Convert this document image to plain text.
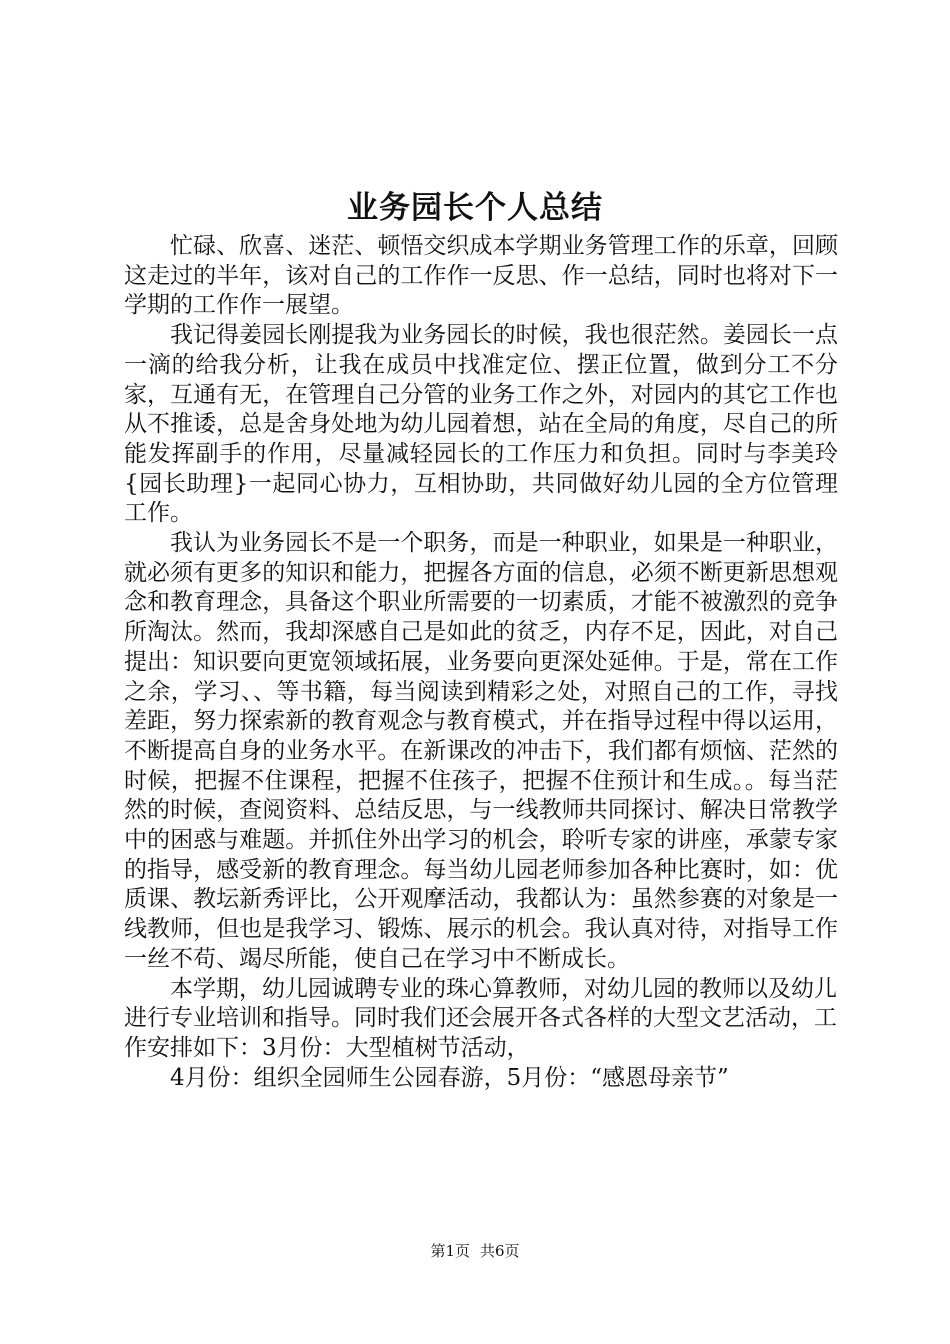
业务园长个人总结

忙碌、欣喜、迷茫、顿悟交织成本学期业务管理工作的乐章，回顾这走过的半年，该对自己的工作作一反思、作一总结，同时也将对下一学期的工作作一展望。

我记得姜园长刚提我为业务园长的时候，我也很茫然。姜园长一点一滴的给我分析，让我在成员中找准定位、摆正位置，做到分工不分家，互通有无，在管理自己分管的业务工作之外，对园内的其它工作也从不推诿，总是舍身处地为幼儿园着想，站在全局的角度，尽自己的所能发挥副手的作用，尽量减轻园长的工作压力和负担。同时与李美玲{园长助理}一起同心协力，互相协助，共同做好幼儿园的全方位管理工作。

我认为业务园长不是一个职务，而是一种职业，如果是一种职业，就必须有更多的知识和能力，把握各方面的信息，必须不断更新思想观念和教育理念，具备这个职业所需要的一切素质，才能不被激烈的竞争所淘汰。然而，我却深感自己是如此的贫乏，内存不足，因此，对自己提出：知识要向更宽领域拓展，业务要向更深处延伸。于是，常在工作之余，学习、、等书籍，每当阅读到精彩之处，对照自己的工作，寻找差距，努力探索新的教育观念与教育模式，并在指导过程中得以运用，不断提高自身的业务水平。在新课改的冲击下，我们都有烦恼、茫然的时候，把握不住课程，把握不住孩子，把握不住预计和生成。。每当茫然的时候，查阅资料、总结反思，与一线教师共同探讨、解决日常教学中的困惑与难题。并抓住外出学习的机会，聆听专家的讲座，承蒙专家的指导，感受新的教育理念。每当幼儿园老师参加各种比赛时，如：优质课、教坛新秀评比，公开观摩活动，我都认为：虽然参赛的对象是一线教师，但也是我学习、锻炼、展示的机会。我认真对待，对指导工作一丝不苟、竭尽所能，使自己在学习中不断成长。

本学期，幼儿园诚聘专业的珠心算教师，对幼儿园的教师以及幼儿进行专业培训和指导。同时我们还会展开各式各样的大型文艺活动，工作安排如下：3月份：大型植树节活动，

4月份：组织全园师生公园春游，5月份：“感恩母亲节”

第1页 共6页
